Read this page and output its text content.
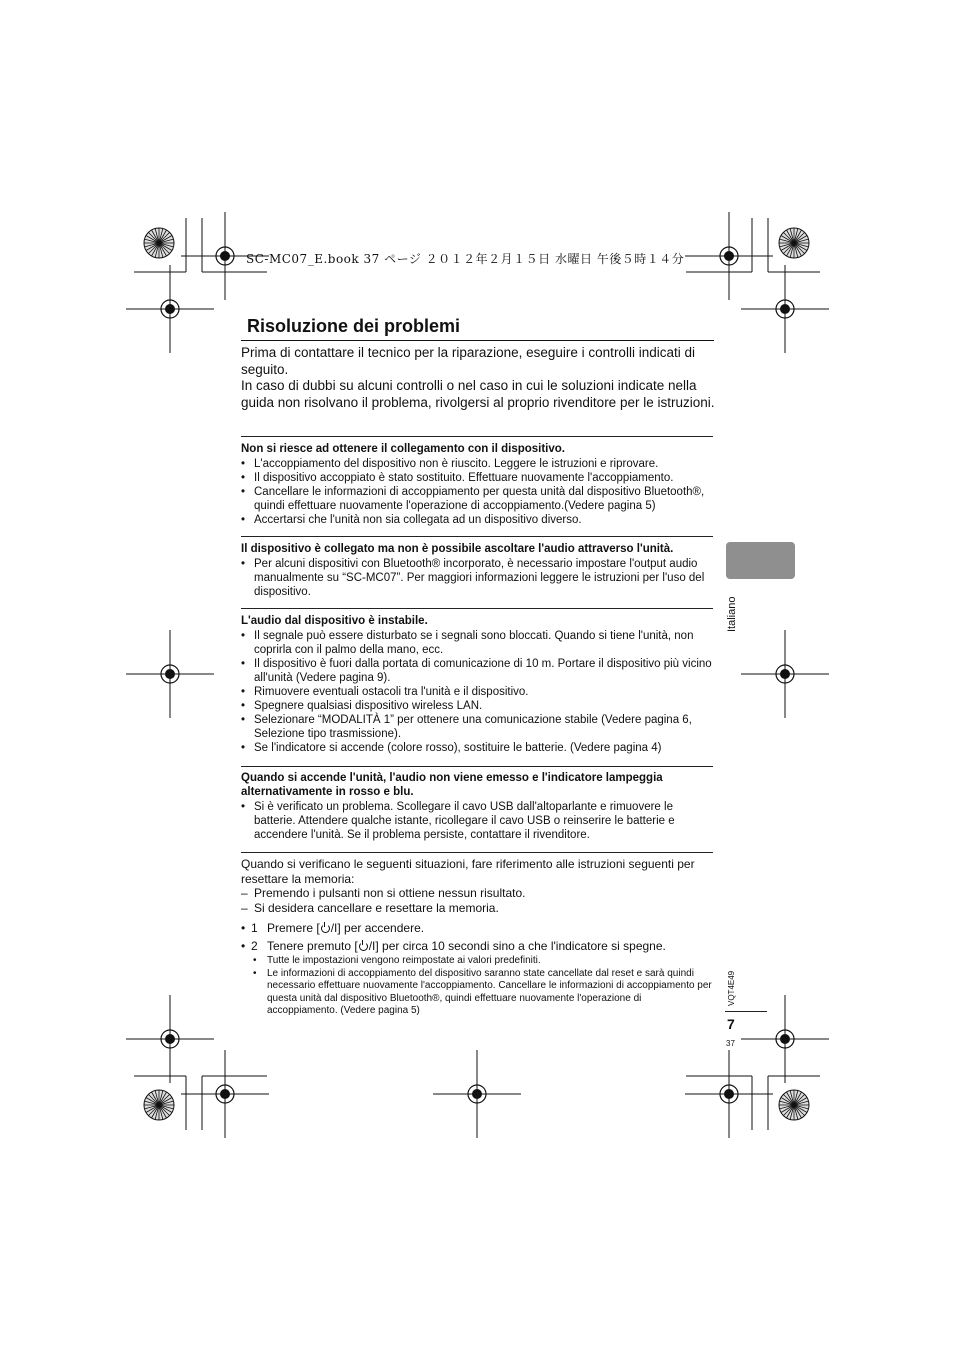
SC-MC07_E.book 37 ページ ２０１２年２月１５日 水曜日 午後５時１４分
Risoluzione dei problemi

Prima di contattare il tecnico per la riparazione, eseguire i controlli indicati di seguito.

In caso di dubbi su alcuni controlli o nel caso in cui le soluzioni indicate nella guida non risolvano il problema, rivolgersi al proprio rivenditore per le istruzioni.

Non si riesce ad ottenere il collegamento con il dispositivo.
• L'accoppiamento del dispositivo non è riuscito. Leggere le istruzioni e riprovare.
• Il dispositivo accoppiato è stato sostituito. Effettuare nuovamente l'accoppiamento.
• Cancellare le informazioni di accoppiamento per questa unità dal dispositivo Bluetooth®, quindi effettuare nuovamente l'operazione di accoppiamento.(Vedere pagina 5)
• Accertarsi che l'unità non sia collegata ad un dispositivo diverso.
Il dispositivo è collegato ma non è possibile ascoltare l'audio attraverso l'unità.
• Per alcuni dispositivi con Bluetooth® incorporato, è necessario impostare l'output audio manualmente su “SC-MC07”. Per maggiori informazioni leggere le istruzioni per l'uso del dispositivo.
L'audio dal dispositivo è instabile.
• Il segnale può essere disturbato se i segnali sono bloccati. Quando si tiene l'unità, non coprirla con il palmo della mano, ecc.
• Il dispositivo è fuori dalla portata di comunicazione di 10 m. Portare il dispositivo più vicino all'unità (Vedere pagina 9).
• Rimuovere eventuali ostacoli tra l'unità e il dispositivo.
• Spegnere qualsiasi dispositivo wireless LAN.
• Selezionare “MODALITÀ 1” per ottenere una comunicazione stabile (Vedere pagina 6, Selezione tipo trasmissione).
• Se l'indicatore si accende (colore rosso), sostituire le batterie. (Vedere pagina 4)
Quando si accende l'unità, l'audio non viene emesso e l'indicatore lampeggia alternativamente in rosso e blu.
• Si è verificato un problema. Scollegare il cavo USB dall'altoparlante e rimuovere le batterie. Attendere qualche istante, ricollegare il cavo USB o reinserire le batterie e accendere l'unità. Se il problema persiste, contattare il rivenditore.

Quando si verificano le seguenti situazioni, fare riferimento alle istruzioni seguenti per resettare la memoria:

– Premendo i pulsanti non si ottiene nessun risultato.
– Si desidera cancellare e resettare la memoria.
• 1 Premere [ /I] per accendere.
• 2 Tenere premuto [ /I] per circa 10 secondi sino a che l'indicatore si spegne.
• Tutte le impostazioni vengono reimpostate ai valori predefiniti.
• Le informazioni di accoppiamento del dispositivo saranno state cancellate dal reset e sarà quindi necessario effettuare nuovamente l'accoppiamento. Cancellare le informazioni di accoppiamento per questa unità dal dispositivo Bluetooth®, quindi effettuare nuovamente l'operazione di accoppiamento. (Vedere pagina 5)
Italiano
VQT4E49
7
37
